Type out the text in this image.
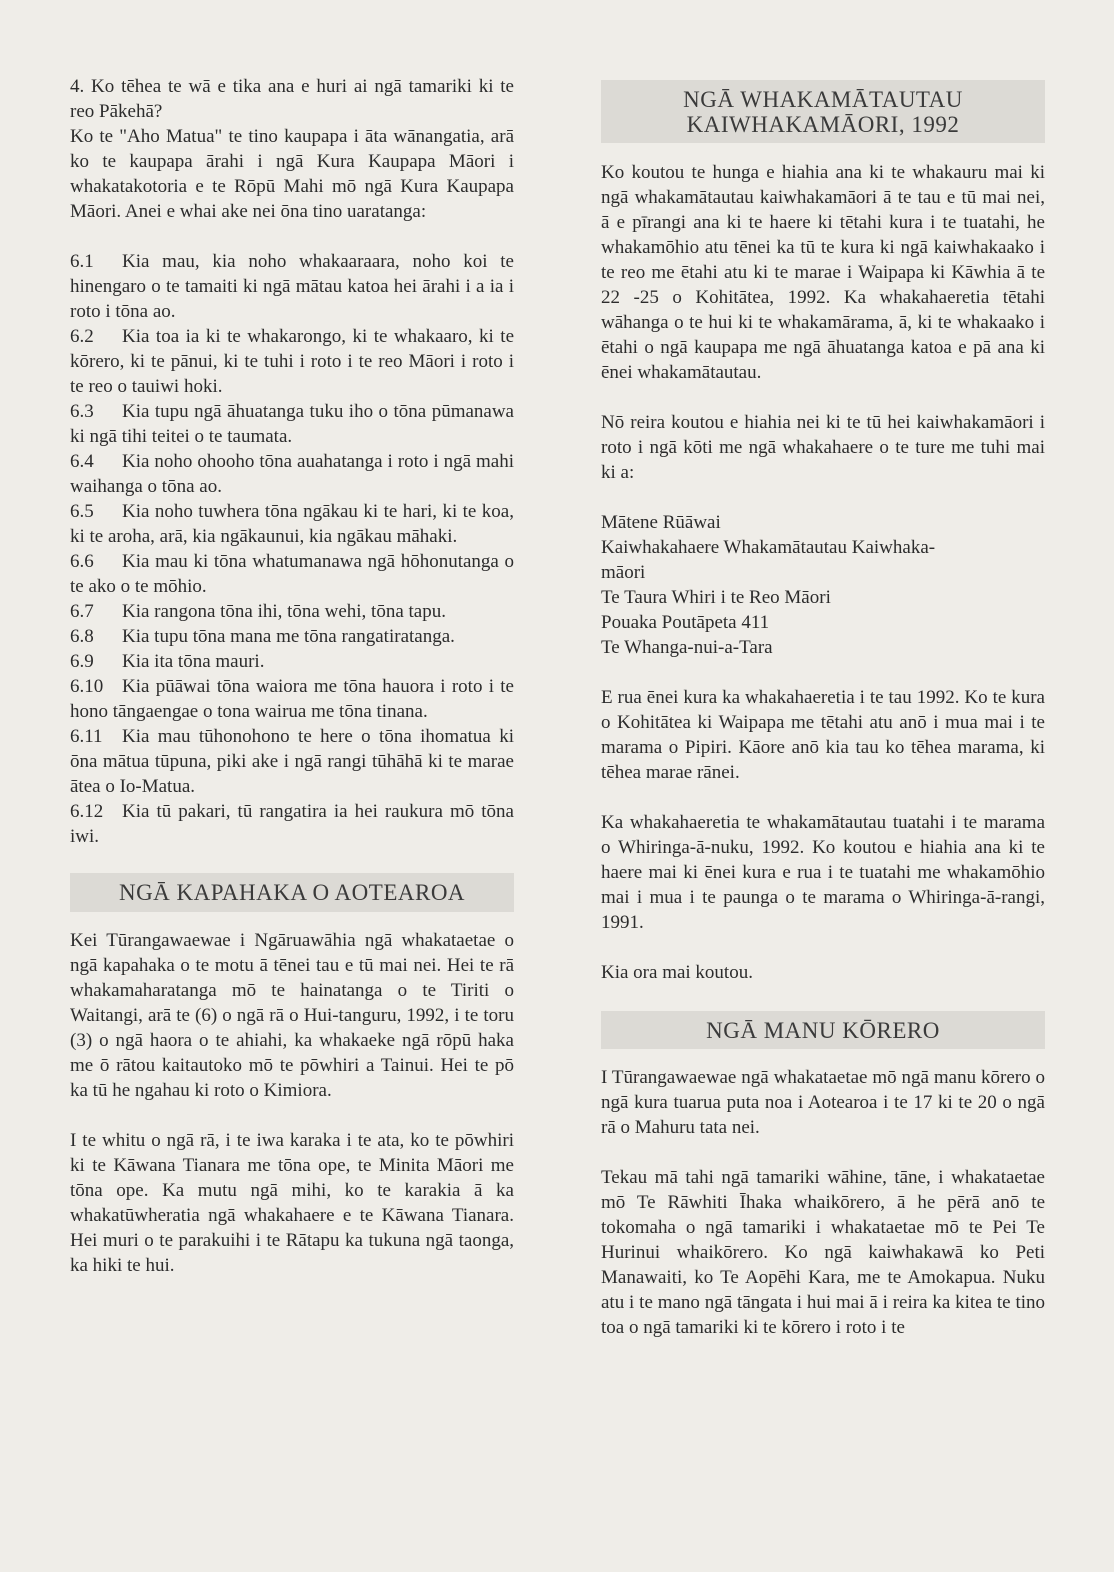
4. Ko tēhea te wā e tika ana e huri ai ngā tamariki ki te reo Pākehā?

Ko te "Aho Matua" te tino kaupapa i āta wānangatia, arā ko te kaupapa ārahi i ngā Kura Kaupapa Māori i whakatakotoria e te Rōpū Mahi mō ngā Kura Kaupapa Māori. Anei e whai ake nei ōna tino uaratanga:

6.1 Kia mau, kia noho whakaaraara, noho koi te hinengaro o te tamaiti ki ngā mātau katoa hei ārahi i a ia i roto i tōna ao.

6.2 Kia toa ia ki te whakarongo, ki te whakaaro, ki te kōrero, ki te pānui, ki te tuhi i roto i te reo Māori i roto i te reo o tauiwi hoki.

6.3 Kia tupu ngā āhuatanga tuku iho o tōna pūmanawa ki ngā tihi teitei o te taumata.

6.4 Kia noho ohooho tōna auahatanga i roto i ngā mahi waihanga o tōna ao.

6.5 Kia noho tuwhera tōna ngākau ki te hari, ki te koa, ki te aroha, arā, kia ngākaunui, kia ngākau māhaki.

6.6 Kia mau ki tōna whatumanawa ngā hōhonutanga o te ako o te mōhio.

6.7 Kia rangona tōna ihi, tōna wehi, tōna tapu.

6.8 Kia tupu tōna mana me tōna rangatiratanga.

6.9 Kia ita tōna mauri.

6.10 Kia pūāwai tōna waiora me tōna hauora i roto i te hono tāngaengae o tona wairua me tōna tinana.

6.11 Kia mau tūhonohono te here o tōna ihomatua ki ōna mātua tūpuna, piki ake i ngā rangi tūhāhā ki te marae ātea o Io-Matua.

6.12 Kia tū pakari, tū rangatira ia hei raukura mō tōna iwi.

NGĀ KAPAHAKA O AOTEAROA

Kei Tūrangawaewae i Ngāruawāhia ngā whakataetae o ngā kapahaka o te motu ā tēnei tau e tū mai nei. Hei te rā whakamaharatanga mō te hainatanga o te Tiriti o Waitangi, arā te (6) o ngā rā o Hui-tanguru, 1992, i te toru (3) o ngā haora o te ahiahi, ka whakaeke ngā rōpū haka me ō rātou kaitautoko mō te pōwhiri a Tainui. Hei te pō ka tū he ngahau ki roto o Kimiora.

I te whitu o ngā rā, i te iwa karaka i te ata, ko te pōwhiri ki te Kāwana Tianara me tōna ope, te Minita Māori me tōna ope. Ka mutu ngā mihi, ko te karakia ā ka whakatūwheratia ngā whakahaere e te Kāwana Tianara. Hei muri o te parakuihi i te Rātapu ka tukuna ngā taonga, ka hiki te hui.

NGĀ WHAKAMĀTAUTAU
KAIWHAKAMĀORI, 1992

Ko koutou te hunga e hiahia ana ki te whakauru mai ki ngā whakamātautau kaiwhakamāori ā te tau e tū mai nei, ā e pīrangi ana ki te haere ki tētahi kura i te tuatahi, he whakamōhio atu tēnei ka tū te kura ki ngā kaiwhakaako i te reo me ētahi atu ki te marae i Waipapa ki Kāwhia ā te 22 -25 o Kohitātea, 1992. Ka whakahaeretia tētahi wāhanga o te hui ki te whakamārama, ā, ki te whakaako i ētahi o ngā kaupapa me ngā āhuatanga katoa e pā ana ki ēnei whakamātautau.

Nō reira koutou e hiahia nei ki te tū hei kaiwhakamāori i roto i ngā kōti me ngā whakahaere o te ture me tuhi mai ki a:

Mātene Rūāwai

Kaiwhakahaere Whakamātautau Kaiwhaka-

māori

Te Taura Whiri i te Reo Māori

Pouaka Poutāpeta 411

Te Whanga-nui-a-Tara

E rua ēnei kura ka whakahaeretia i te tau 1992. Ko te kura o Kohitātea ki Waipapa me tētahi atu anō i mua mai i te marama o Pipiri. Kāore anō kia tau ko tēhea marama, ki tēhea marae rānei.

Ka whakahaeretia te whakamātautau tuatahi i te marama o Whiringa-ā-nuku, 1992. Ko koutou e hiahia ana ki te haere mai ki ēnei kura e rua i te tuatahi me whakamōhio mai i mua i te paunga o te marama o Whiringa-ā-rangi, 1991.

Kia ora mai koutou.

NGĀ MANU KŌRERO

I Tūrangawaewae ngā whakataetae mō ngā manu kōrero o ngā kura tuarua puta noa i Aotearoa i te 17 ki te 20 o ngā rā o Mahuru tata nei.

Tekau mā tahi ngā tamariki wāhine, tāne, i whakataetae mō Te Rāwhiti Īhaka whaikōrero, ā he pērā anō te tokomaha o ngā tamariki i whakataetae mō te Pei Te Hurinui whaikōrero. Ko ngā kaiwhakawā ko Peti Manawaiti, ko Te Aopēhi Kara, me te Amokapua. Nuku atu i te mano ngā tāngata i hui mai ā i reira ka kitea te tino toa o ngā tamariki ki te kōrero i roto i te
